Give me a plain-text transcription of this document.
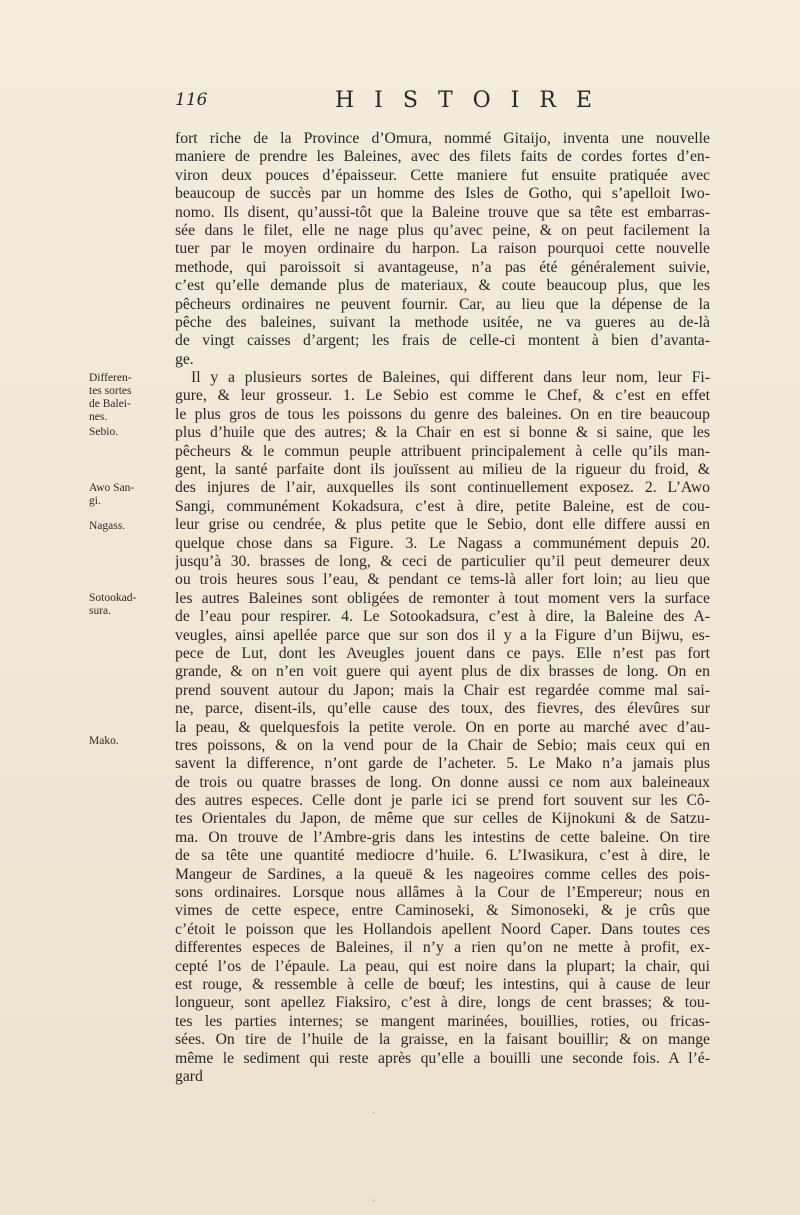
116	HISTOIRE
Differen-
tes sortes
de Balei-
nes.
Sebio.
Awo San-
gi.
Nagass.
Sotookad-
sura.
Mako.
fort riche de la Province d’Omura, nommé Gitaijo, inventa une nouvelle
maniere de prendre les Baleines, avec des filets faits de cordes fortes d’en-
viron deux pouces d’épaisseur. Cette maniere fut ensuite pratiquée avec
beaucoup de succès par un homme des Isles de Gotho, qui s’apelloit Iwo-
nomo. Ils disent, qu’aussi-tôt que la Baleine trouve que sa tête est embarras-
sée dans le filet, elle ne nage plus qu’avec peine, & on peut facilement la
tuer par le moyen ordinaire du harpon. La raison pourquoi cette nouvelle
methode, qui paroissoit si avantageuse, n’a pas été généralement suivie,
c’est qu’elle demande plus de materiaux, & coute beaucoup plus, que les
pêcheurs ordinaires ne peuvent fournir. Car, au lieu que la dépense de la
pêche des baleines, suivant la methode usitée, ne va gueres au de-là
de vingt caisses d’argent; les frais de celle-ci montent à bien d’avanta-
ge.
Il y a plusieurs sortes de Baleines, qui different dans leur nom, leur Fi-
gure, & leur grosseur. 1. Le Sebio est comme le Chef, & c’est en effet
le plus gros de tous les poissons du genre des baleines. On en tire beaucoup
plus d’huile que des autres; & la Chair en est si bonne & si saine, que les
pêcheurs & le commun peuple attribuent principalement à celle qu’ils man-
gent, la santé parfaite dont ils jouïssent au milieu de la rigueur du froid, &
des injures de l’air, auxquelles ils sont continuellement exposez. 2. L’Awo
Sangi, communément Kokadsura, c’est à dire, petite Baleine, est de cou-
leur grise ou cendrée, & plus petite que le Sebio, dont elle differe aussi en
quelque chose dans sa Figure. 3. Le Nagass a communément depuis 20.
jusqu’à 30. brasses de long, & ceci de particulier qu’il peut demeurer deux
ou trois heures sous l’eau, & pendant ce tems-là aller fort loin; au lieu que
les autres Baleines sont obligées de remonter à tout moment vers la surface
de l’eau pour respirer. 4. Le Sotookadsura, c’est à dire, la Baleine des A-
veugles, ainsi apellée parce que sur son dos il y a la Figure d’un Bijwu, es-
pece de Lut, dont les Aveugles jouent dans ce pays. Elle n’est pas fort
grande, & on n’en voit guere qui ayent plus de dix brasses de long. On en
prend souvent autour du Japon; mais la Chair est regardée comme mal sai-
ne, parce, disent-ils, qu’elle cause des toux, des fievres, des élevûres sur
la peau, & quelquesfois la petite verole. On en porte au marché avec d’au-
tres poissons, & on la vend pour de la Chair de Sebio; mais ceux qui en
savent la difference, n’ont garde de l’acheter. 5. Le Mako n’a jamais plus
de trois ou quatre brasses de long. On donne aussi ce nom aux baleineaux
des autres especes. Celle dont je parle ici se prend fort souvent sur les Cô-
tes Orientales du Japon, de même que sur celles de Kijnokuni & de Satzu-
ma. On trouve de l’Ambre-gris dans les intestins de cette baleine. On tire
de sa tête une quantité mediocre d’huile. 6. L’Iwasikura, c’est à dire, le
Mangeur de Sardines, a la queuë & les nageoires comme celles des pois-
sons ordinaires. Lorsque nous allâmes à la Cour de l’Empereur; nous en
vimes de cette espece, entre Caminoseki, & Simonoseki, & je crûs que
c’étoit le poisson que les Hollandois apellent Noord Caper. Dans toutes ces
differentes especes de Baleines, il n’y a rien qu’on ne mette à profit, ex-
cepté l’os de l’épaule. La peau, qui est noire dans la plupart; la chair, qui
est rouge, & ressemble à celle de bœuf; les intestins, qui à cause de leur
longueur, sont apellez Fiaksiro, c’est à dire, longs de cent brasses; & tou-
tes les parties internes; se mangent marinées, bouillies, roties, ou fricas-
sées. On tire de l’huile de la graisse, en la faisant bouillir; & on mange
même le sediment qui reste après qu’elle a bouilli une seconde fois. A l’é-
gard
·
·
